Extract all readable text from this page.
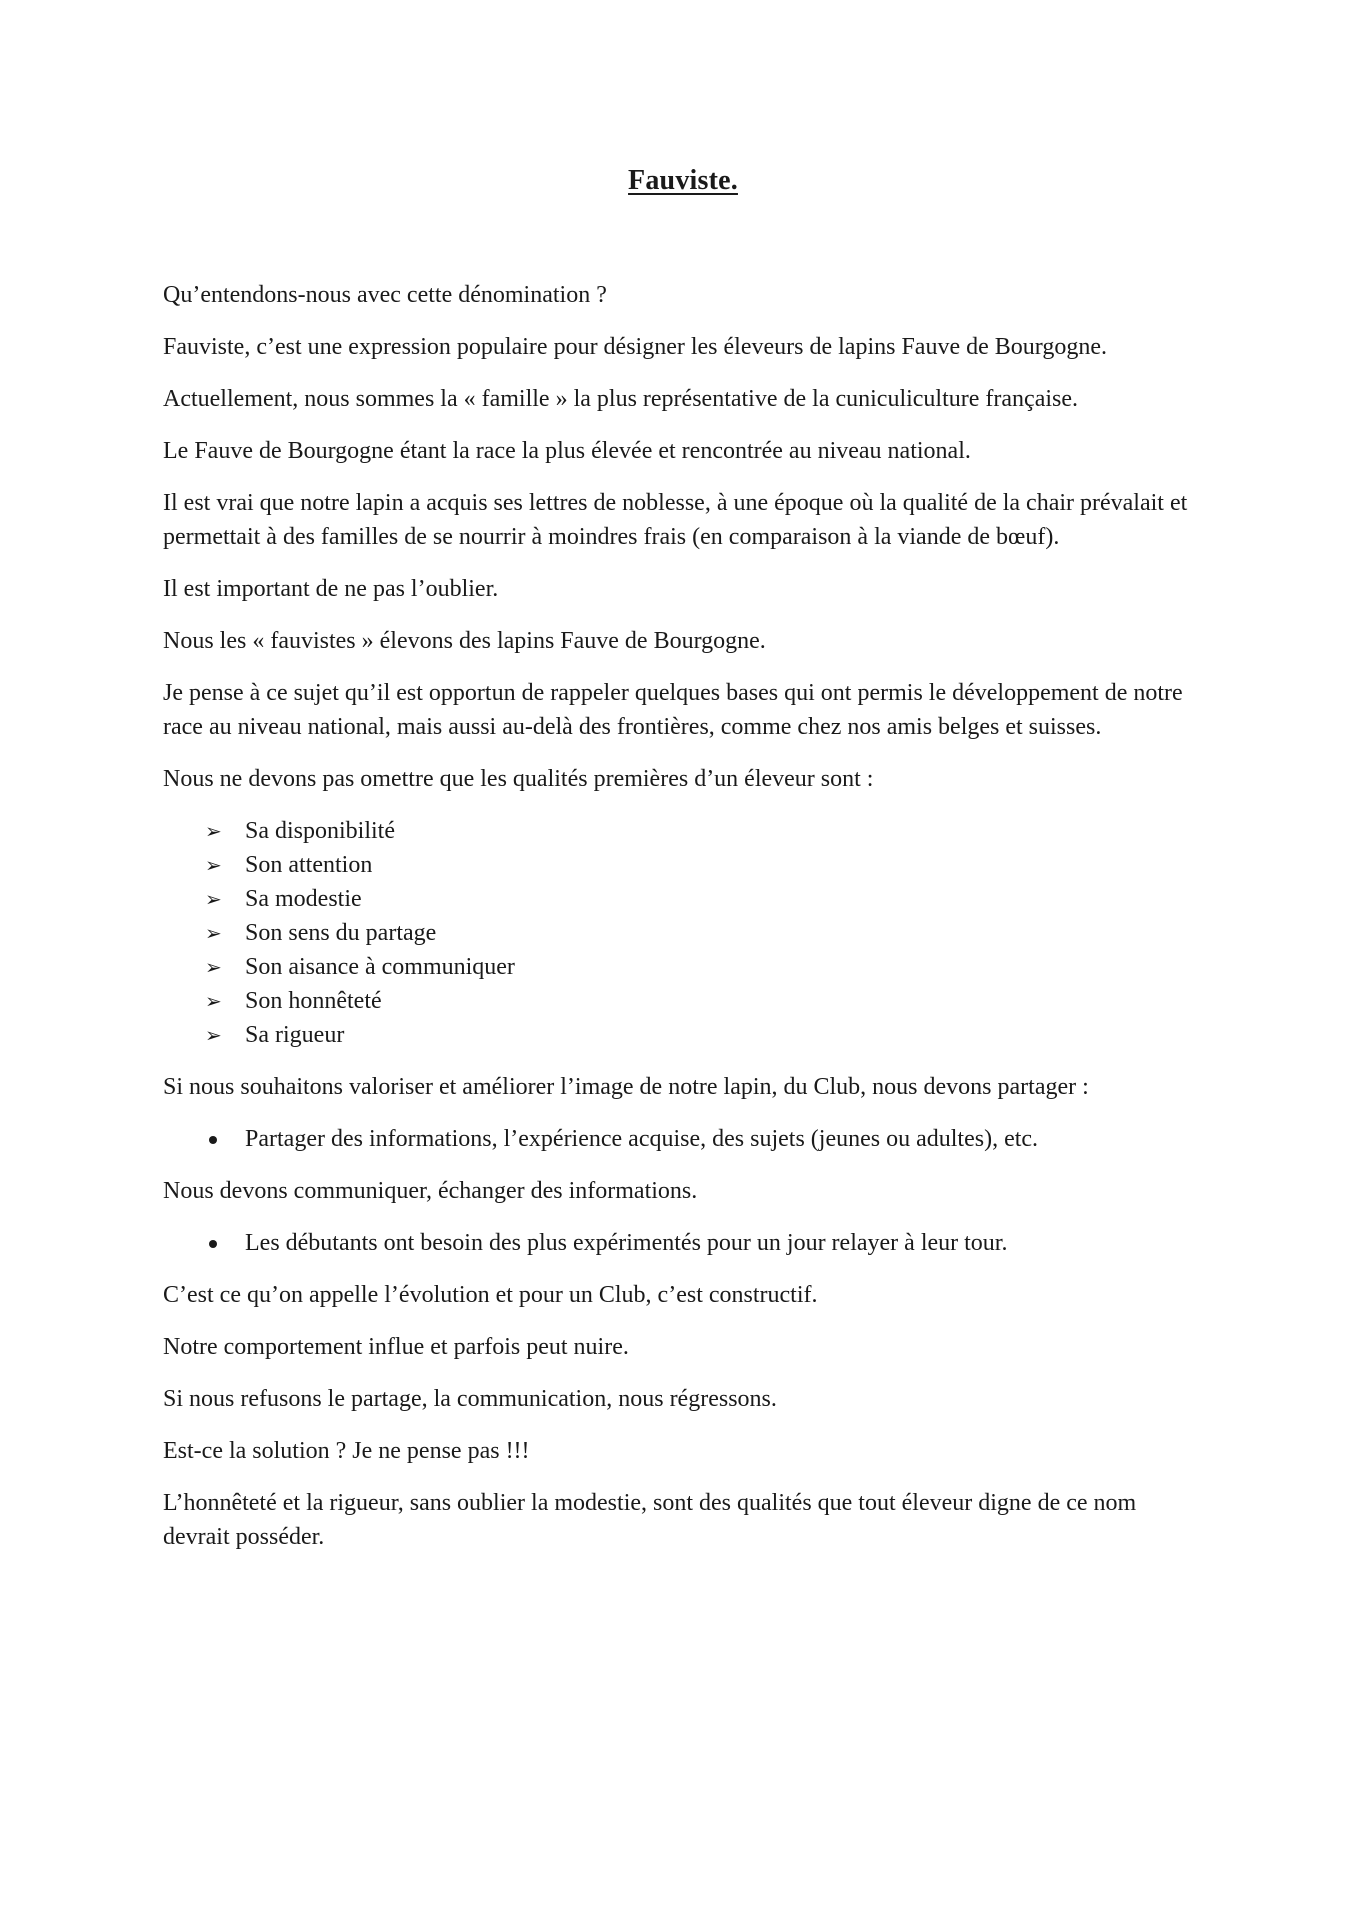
Fauviste.

Qu’entendons-nous avec cette dénomination ?

Fauviste, c’est une expression populaire pour désigner les éleveurs de lapins Fauve de Bourgogne.

Actuellement, nous sommes la « famille » la plus représentative de la cuniculiculture française.

Le Fauve de Bourgogne étant la race la plus élevée et rencontrée au niveau national.

Il est vrai que notre lapin a acquis ses lettres de noblesse, à une époque où la qualité de la chair prévalait et permettait à des familles de se nourrir à moindres frais (en comparaison à la viande de bœuf).

Il est important de ne pas l’oublier.

Nous les « fauvistes » élevons des lapins Fauve de Bourgogne.

Je pense à ce sujet qu’il est opportun de rappeler quelques bases qui ont permis le développement de notre race au niveau national, mais aussi au-delà des frontières, comme chez nos amis belges et suisses.

Nous ne devons pas omettre que les qualités premières d’un éleveur sont :

➢ Sa disponibilité
➢ Son attention
➢ Sa modestie
➢ Son sens du partage
➢ Son aisance à communiquer
➢ Son honnêteté
➢ Sa rigueur

Si nous souhaitons valoriser et améliorer l’image de notre lapin, du Club, nous devons partager :

Partager des informations, l’expérience acquise, des sujets (jeunes ou adultes), etc.

Nous devons communiquer, échanger des informations.

Les débutants ont besoin des plus expérimentés pour un jour relayer à leur tour.

C’est ce qu’on appelle l’évolution et pour un Club, c’est constructif.

Notre comportement influe et parfois peut nuire.

Si nous refusons le partage, la communication, nous régressons.

Est-ce la solution ? Je ne pense pas !!!

L’honnêteté et la rigueur, sans oublier la modestie, sont des qualités que tout éleveur digne de ce nom devrait posséder.
